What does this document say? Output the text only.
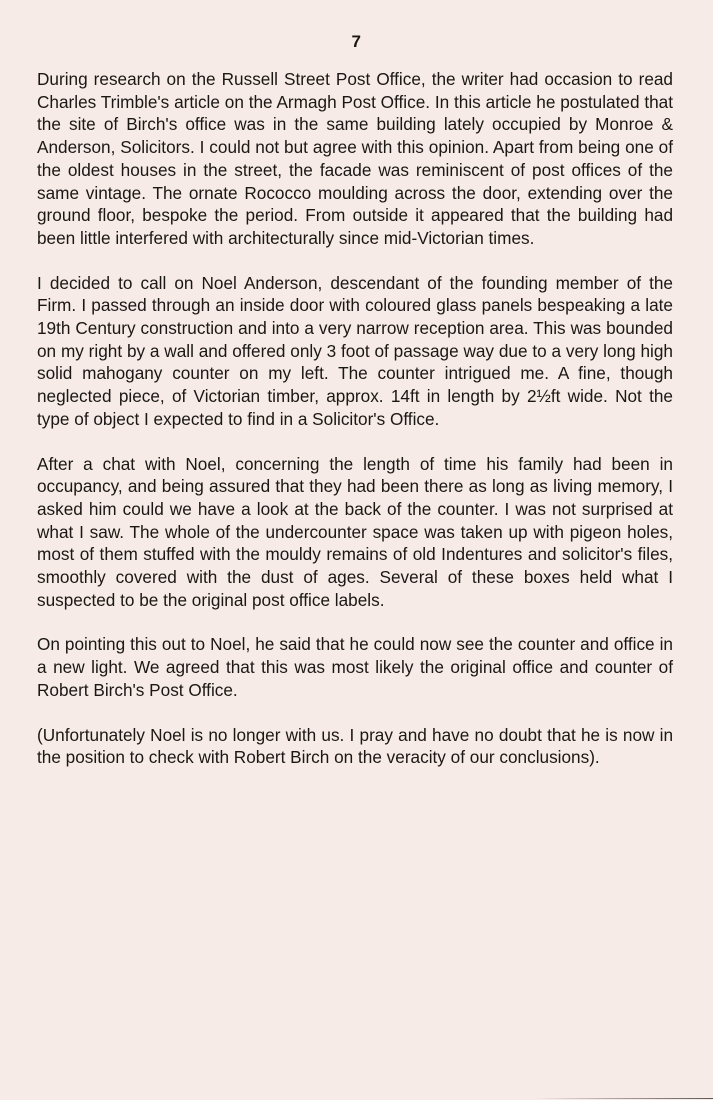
7

During research on the Russell Street Post Office, the writer had occasion to read Charles Trimble's article on the Armagh Post Office. In this article he postulated that the site of Birch's office was in the same building lately occupied by Monroe & Anderson, Solicitors. I could not but agree with this opinion. Apart from being one of the oldest houses in the street, the facade was reminiscent of post offices of the same vintage. The ornate Rococco moulding across the door, extending over the ground floor, bespoke the period. From outside it appeared that the building had been little interfered with architecturally since mid-Victorian times.

I decided to call on Noel Anderson, descendant of the founding member of the Firm. I passed through an inside door with coloured glass panels bespeaking a late 19th Century construction and into a very narrow reception area. This was bounded on my right by a wall and offered only 3 foot of passage way due to a very long high solid mahogany counter on my left. The counter intrigued me. A fine, though neglected piece, of Victorian timber, approx. 14ft in length by 2½ft wide. Not the type of object I expected to find in a Solicitor's Office.

After a chat with Noel, concerning the length of time his family had been in occupancy, and being assured that they had been there as long as living memory, I asked him could we have a look at the back of the counter. I was not surprised at what I saw. The whole of the undercounter space was taken up with pigeon holes, most of them stuffed with the mouldy remains of old Indentures and solicitor's files, smoothly covered with the dust of ages. Several of these boxes held what I suspected to be the original post office labels.

On pointing this out to Noel, he said that he could now see the counter and office in a new light. We agreed that this was most likely the original office and counter of Robert Birch's Post Office.

(Unfortunately Noel is no longer with us. I pray and have no doubt that he is now in the position to check with Robert Birch on the veracity of our conclusions).
